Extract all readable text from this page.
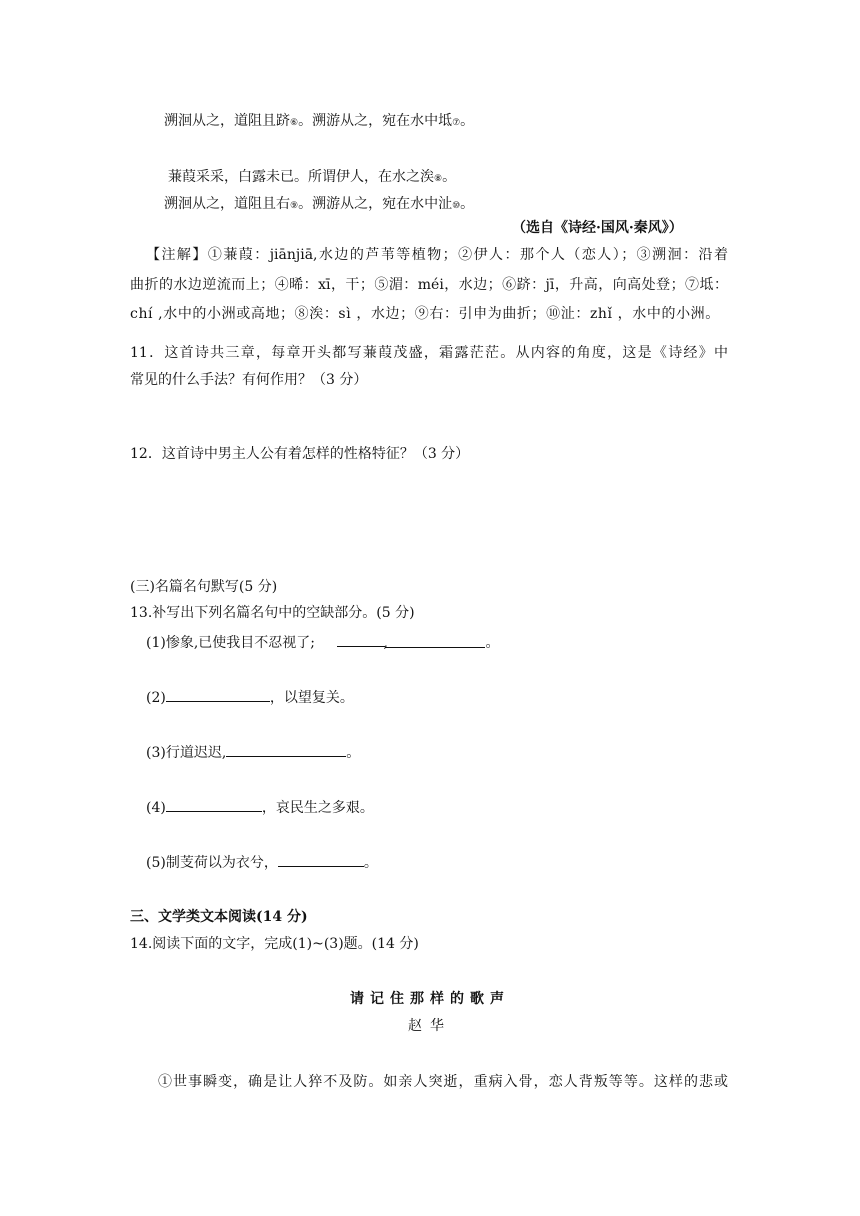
溯洄从之，道阻且跻⑥。溯游从之，宛在水中坻⑦。
蒹葭采采，白露未已。所谓伊人，在水之涘⑧。
溯洄从之，道阻且右⑨。溯游从之，宛在水中沚⑩。
（选自《诗经·国风·秦风》）
【注解】①蒹葭：jiānjiā,水边的芦苇等植物；②伊人：那个人（恋人）；③溯洄：沿着
曲折的水边逆流而上；④晞：xī，干；⑤湄：méi，水边；⑥跻：jī，升高，向高处登；⑦坻：
chí ,水中的小洲或高地；⑧涘：sì ，水边；⑨右：引申为曲折；⑩沚：zhǐ ，水中的小洲。
11．这首诗共三章，每章开头都写蒹葭茂盛，霜露茫茫。从内容的角度，这是《诗经》中
常见的什么手法？有何作用？（3 分）
12．这首诗中男主人公有着怎样的性格特征？（3 分）
(三)名篇名句默写(5 分)
13.补写出下列名篇名句中的空缺部分。(5 分)
(1)惨象,已使我目不忍视了;	,	。
(2)	，以望复关。
(3)行道迟迟,	。
(4)	，哀民生之多艰。
(5)制芰荷以为衣兮，	。
三、文学类文本阅读(14 分)
14.阅读下面的文字，完成(1)~(3)题。(14 分)
请记住那样的歌声
赵华
①世事瞬变，确是让人猝不及防。如亲人突逝，重病入骨，恋人背叛等等。这样的悲或
